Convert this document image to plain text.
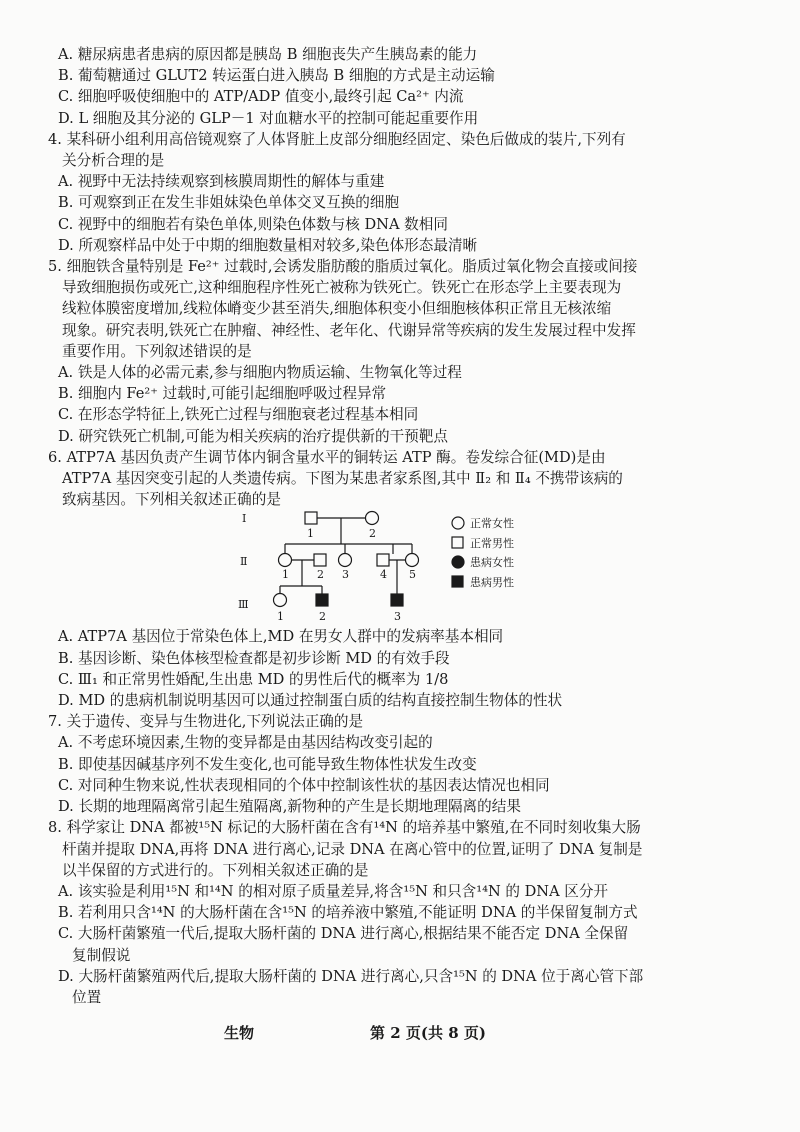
A. 糖尿病患者患病的原因都是胰岛 B 细胞丧失产生胰岛素的能力
B. 葡萄糖通过 GLUT2 转运蛋白进入胰岛 B 细胞的方式是主动运输
C. 细胞呼吸使细胞中的 ATP/ADP 值变小,最终引起 Ca²⁺ 内流
D. L 细胞及其分泌的 GLP－1 对血糖水平的控制可能起重要作用
4. 某科研小组利用高倍镜观察了人体肾脏上皮部分细胞经固定、染色后做成的装片,下列有
关分析合理的是
A. 视野中无法持续观察到核膜周期性的解体与重建
B. 可观察到正在发生非姐妹染色单体交叉互换的细胞
C. 视野中的细胞若有染色单体,则染色体数与核 DNA 数相同
D. 所观察样品中处于中期的细胞数量相对较多,染色体形态最清晰
5. 细胞铁含量特别是 Fe²⁺ 过载时,会诱发脂肪酸的脂质过氧化。脂质过氧化物会直接或间接
导致细胞损伤或死亡,这种细胞程序性死亡被称为铁死亡。铁死亡在形态学上主要表现为
线粒体膜密度增加,线粒体嵴变少甚至消失,细胞体积变小但细胞核体积正常且无核浓缩
现象。研究表明,铁死亡在肿瘤、神经性、老年化、代谢异常等疾病的发生发展过程中发挥
重要作用。下列叙述错误的是
A. 铁是人体的必需元素,参与细胞内物质运输、生物氧化等过程
B. 细胞内 Fe²⁺ 过载时,可能引起细胞呼吸过程异常
C. 在形态学特征上,铁死亡过程与细胞衰老过程基本相同
D. 研究铁死亡机制,可能为相关疾病的治疗提供新的干预靶点
6. ATP7A 基因负责产生调节体内铜含量水平的铜转运 ATP 酶。卷发综合征(MD)是由
ATP7A 基因突变引起的人类遗传病。下图为某患者家系图,其中 Ⅱ₂ 和 Ⅱ₄ 不携带该病的
致病基因。下列相关叙述正确的是
Ⅰ
Ⅱ
Ⅲ
1	2
1	2 3	4 5
1	2	3
正常女性
正常男性
患病女性
患病男性
A. ATP7A 基因位于常染色体上,MD 在男女人群中的发病率基本相同
B. 基因诊断、染色体核型检查都是初步诊断 MD 的有效手段
C. Ⅲ₁ 和正常男性婚配,生出患 MD 的男性后代的概率为 1/8
D. MD 的患病机制说明基因可以通过控制蛋白质的结构直接控制生物体的性状
7. 关于遗传、变异与生物进化,下列说法正确的是
A. 不考虑环境因素,生物的变异都是由基因结构改变引起的
B. 即使基因碱基序列不发生变化,也可能导致生物体性状发生改变
C. 对同种生物来说,性状表现相同的个体中控制该性状的基因表达情况也相同
D. 长期的地理隔离常引起生殖隔离,新物种的产生是长期地理隔离的结果
8. 科学家让 DNA 都被¹⁵N 标记的大肠杆菌在含有¹⁴N 的培养基中繁殖,在不同时刻收集大肠
杆菌并提取 DNA,再将 DNA 进行离心,记录 DNA 在离心管中的位置,证明了 DNA 复制是
以半保留的方式进行的。下列相关叙述正确的是
A. 该实验是利用¹⁵N 和¹⁴N 的相对原子质量差异,将含¹⁵N 和只含¹⁴N 的 DNA 区分开
B. 若利用只含¹⁴N 的大肠杆菌在含¹⁵N 的培养液中繁殖,不能证明 DNA 的半保留复制方式
C. 大肠杆菌繁殖一代后,提取大肠杆菌的 DNA 进行离心,根据结果不能否定 DNA 全保留
复制假说
D. 大肠杆菌繁殖两代后,提取大肠杆菌的 DNA 进行离心,只含¹⁵N 的 DNA 位于离心管下部
位置
生物	第 2 页(共 8 页)
